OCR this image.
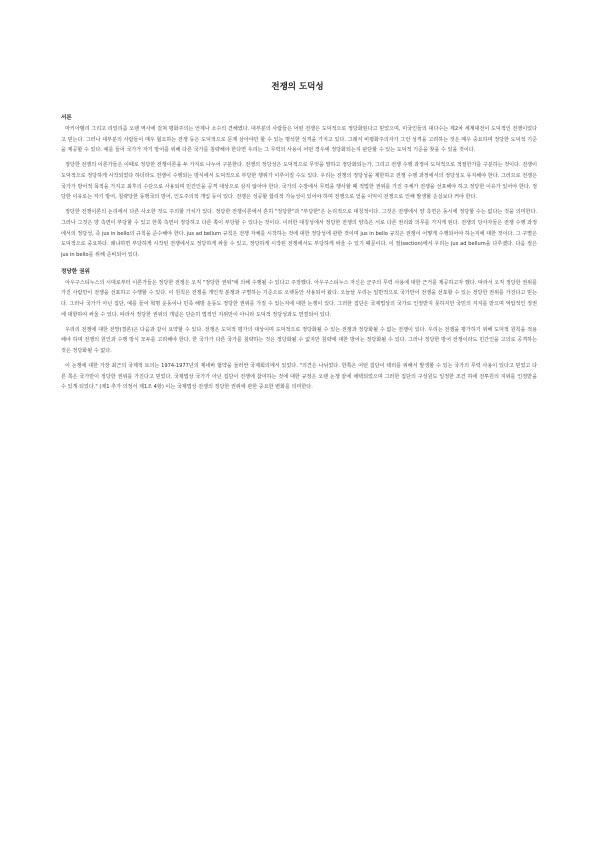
전쟁의 도덕성
서론

마키아벨리 그리고 리얼리즘 오랜 역사에 걸쳐 평화주의는 언제나 소수의 견해였다. 대부분의 사람들은 어떤 전쟁은 도덕적으로 정당화된다고 믿었으며, 미국인들의 대다수는 제2차 세계대전이 도덕적인 전쟁이었다고 믿는다. 그러나 대부분의 사람들이 매우 혐오하는 전쟁 등은 도덕적으로 문제 삼아야만 할 수 있는 명석한 성격을 가지고 있다. 그래서 비평화주의자가 그런 성격을 고려하는 것은 매우 중요하며 정당한 도덕적 기준을 제공할 수 있다. 예를 들어 국가가 자기 방어를 위해 다른 국가를 침략해야 한다면 우리는 그 무력의 사용이 어떤 경우에 정당화되는지 판단할 수 있는 도덕적 기준을 찾을 수 있을 것이다.

정당한 전쟁의 이론가들은 이때로 정당한 전쟁이론을 두 가지로 나누어 구분한다. 전쟁의 정당성은 도덕적으로 무엇을 말하고 정당화되는가, 그리고 전쟁 수행 과정이 도덕적으로 적절한가를 구분하는 것이다. 전쟁이 도덕적으로 정당하게 시작되었다 하더라도 전쟁이 수행되는 방식에서 도덕적으로 부당한 행위가 이루어질 수도 있다. 우리는 전쟁의 정당성을 제한하고 전쟁 수행 과정에서의 정당성도 유지해야 한다. 그러므로 전쟁은 국가가 방어적 목적을 가지고 최후의 수단으로 사용되며 민간인을 공격 대상으로 삼지 않아야 한다. 국가의 수장에서 무력을 행사할 때 적법한 권위를 가진 주체가 전쟁을 선포해야 하고 정당한 이유가 있어야 한다. 정당한 이유로는 자기 방어, 침략당한 동맹국의 방어, 인도주의적 개입 등이 있다. 전쟁은 성공할 합리적 가능성이 있어야 하며 전쟁으로 얻을 이익이 전쟁으로 인해 발생할 손실보다 커야 한다.

정당한 전쟁이론의 논리에서 다른 사소한 것도 주의할 가치가 있다. 정당한 전쟁이론에서 흔히 "정당한"과 "부당한"은 논리적으로 대칭적이다. 그것은 전쟁에서 양 측면은 동시에 정당할 수는 없다는 것을 의미한다. 그러나 그것은 양 측면이 부당할 수 있고 한쪽 측면이 정당하고 다른 쪽이 부당할 수 있다는 것이다. 이러한 대칭성에서 정당한 전쟁의 양측은 서로 다른 권리와 의무를 가지게 된다. 전쟁의 당사자들은 전쟁 수행 과정에서의 정당성, 즉 jus in bello의 규칙을 준수해야 한다. jus ad bellum 규칙은 전쟁 자체를 시작하는 것에 대한 정당성에 관한 것이며 jus in bello 규칙은 전쟁이 어떻게 수행되어야 하는지에 대한 것이다. 그 구별은 도덕적으로 중요하다. 왜냐하면 부당하게 시작된 전쟁에서도 정당하게 싸울 수 있고, 정당하게 시작된 전쟁에서도 부당하게 싸울 수 있기 때문이다. 이 절(section)에서 우리는 jus ad bellum을 다루겠다. 다음 절은 jus in bello를 위해 준비되어 있다.

정당한 권위

아우구스티누스의 시대로부터 이론가들은 정당한 전쟁은 오직 "정당한 권위"에 의해 수행될 수 있다고 주장했다. 아우구스티누스 자신은 군주의 무력 사용에 대한 근거를 제공하고자 했다. 따라서 오직 정당한 권위를 가진 사람만이 전쟁을 선포하고 수행할 수 있다. 이 원칙은 전쟁을 개인적 분쟁과 구별하는 기준으로 오랫동안 사용되어 왔다. 오늘날 우리는 일반적으로 국가만이 전쟁을 선포할 수 있는 정당한 권위를 가진다고 믿는다. 그러나 국가가 아닌 집단, 예를 들어 혁명 운동이나 민족 해방 운동도 정당한 권위를 가질 수 있는지에 대한 논쟁이 있다. 그러한 집단은 국제법상의 국가로 인정받지 못하지만 국민의 지지를 받으며 억압적인 정권에 대항하여 싸울 수 있다. 따라서 정당한 권위의 개념은 단순히 법적인 지위만이 아니라 도덕적 정당성과도 연결되어 있다.

우리의 전쟁에 대한 전망(결론)은 다음과 같이 요약할 수 있다. 전쟁은 도덕적 평가의 대상이며 도덕적으로 정당화될 수 있는 전쟁과 정당화될 수 없는 전쟁이 있다. 우리는 전쟁을 평가하기 위해 도덕적 원칙을 적용해야 하며 전쟁의 원인과 수행 방식 모두를 고려해야 한다. 한 국가가 다른 국가를 침략하는 것은 정당화될 수 없지만 침략에 대한 방어는 정당화될 수 있다. 그러나 정당한 방어 전쟁이라도 민간인을 고의로 공격하는 것은 정당화될 수 없다.

이 논쟁에 대한 가장 최근의 국제적 토의는 1974-1977년의 제네바 협약을 둘러싼 국제회의에서 있었다. "의견은 나뉘었다. 한쪽은 어떤 집단이 테러를 위해서 발생할 수 있는 국가의 무력 사용이 있다고 믿었고 다른 쪽은 국가만이 정당한 권위를 가진다고 믿었다. 국제법상 국가가 아닌 집단이 전쟁에 참여하는 것에 대한 규정은 오랜 논쟁 끝에 채택되었으며 그러한 집단의 구성원도 일정한 조건 하에 전투원의 지위를 인정받을 수 있게 되었다." (제1 추가 의정서 제1조 4항) 이는 국제법상 전쟁의 정당한 권위에 관한 중요한 변화를 의미한다.
